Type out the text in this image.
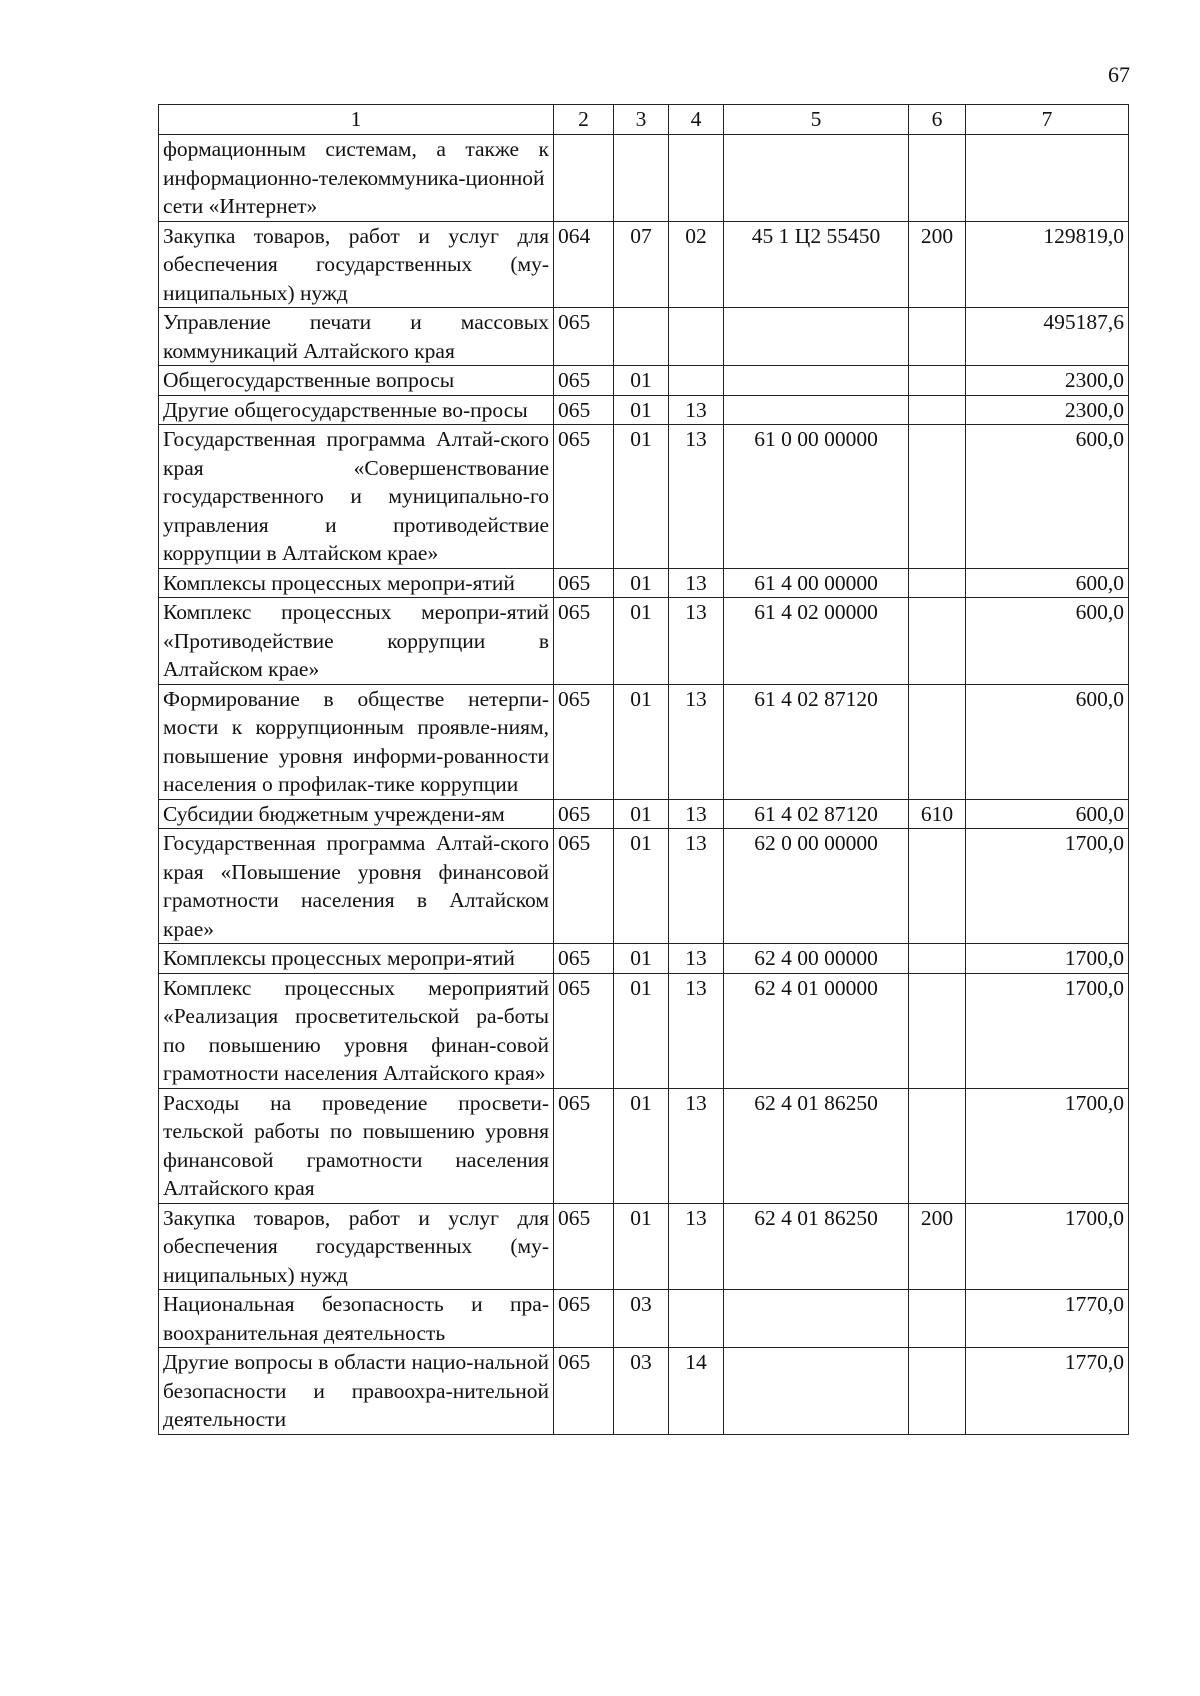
67
1	2	3	4	5	6	7
формационным системам, а также к информационно-телекоммуника-ционной сети «Интернет»						
Закупка товаров, работ и услуг для обеспечения государственных (му-ниципальных) нужд	064	07	02	45 1 Ц2 55450	200	129819,0
Управление печати и массовых коммуникаций Алтайского края	065					495187,6
Общегосударственные вопросы	065	01				2300,0
Другие общегосударственные во-просы	065	01	13			2300,0
Государственная программа Алтай-ского края «Совершенствование государственного и муниципально-го управления и противодействие коррупции в Алтайском крае»	065	01	13	61 0 00 00000		600,0
Комплексы процессных меропри-ятий	065	01	13	61 4 00 00000		600,0
Комплекс процессных меропри-ятий «Противодействие коррупции в Алтайском крае»	065	01	13	61 4 02 00000		600,0
Формирование в обществе нетерпи-мости к коррупционным проявле-ниям, повышение уровня информи-рованности населения о профилак-тике коррупции	065	01	13	61 4 02 87120		600,0
Субсидии бюджетным учреждени-ям	065	01	13	61 4 02 87120	610	600,0
Государственная программа Алтай-ского края «Повышение уровня финансовой грамотности населения в Алтайском крае»	065	01	13	62 0 00 00000		1700,0
Комплексы процессных меропри-ятий	065	01	13	62 4 00 00000		1700,0
Комплекс процессных мероприятий «Реализация просветительской ра-боты по повышению уровня финан-совой грамотности населения Алтайского края»	065	01	13	62 4 01 00000		1700,0
Расходы на проведение просвети-тельской работы по повышению уровня финансовой грамотности населения Алтайского края	065	01	13	62 4 01 86250		1700,0
Закупка товаров, работ и услуг для обеспечения государственных (му-ниципальных) нужд	065	01	13	62 4 01 86250	200	1700,0
Национальная безопасность и пра-воохранительная деятельность	065	03				1770,0
Другие вопросы в области нацио-нальной безопасности и правоохра-нительной деятельности	065	03	14			1770,0
